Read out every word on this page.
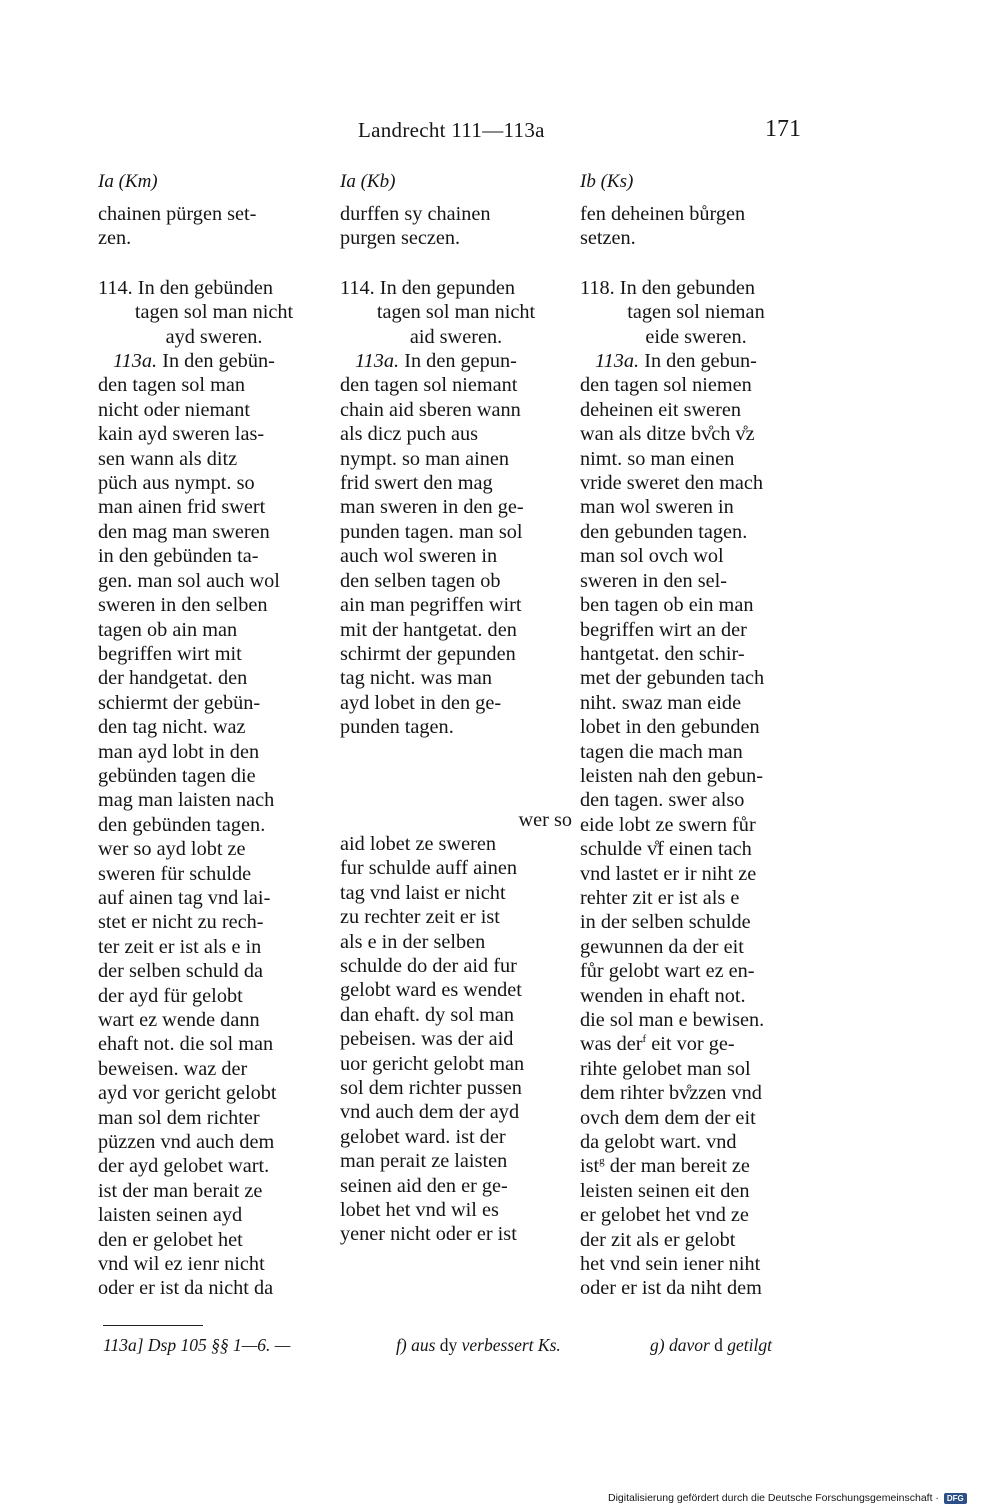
Landrecht 111—113a	171
Ia (Km)
chainen pürgen set-
zen.
114. In den gebünden
tagen sol man nicht
ayd sweren.
113a. In den gebün-
den tagen sol man
nicht oder niemant
kain ayd sweren las-
sen wann als ditz
püch aus nympt. so
man ainen frid swert
den mag man sweren
in den gebünden ta-
gen. man sol auch wol
sweren in den selben
tagen ob ain man
begriffen wirt mit
der handgetat. den
schiermt der gebün-
den tag nicht. waz
man ayd lobt in den
gebünden tagen die
mag man laisten nach
den gebünden tagen.
wer so ayd lobt ze
sweren für schulde
auf ainen tag vnd lai-
stet er nicht zu rech-
ter zeit er ist als e in
der selben schuld da
der ayd für gelobt
wart ez wende dann
ehaft not. die sol man
beweisen. waz der
ayd vor gericht gelobt
man sol dem richter
püzzen vnd auch dem
der ayd gelobet wart.
ist der man berait ze
laisten seinen ayd
den er gelobet het
vnd wil ez ienr nicht
oder er ist da nicht da
Ia (Kb)
durffen sy chainen
purgen seczen.
114. In den gepunden
tagen sol man nicht
aid sweren.
113a. In den gepun-
den tagen sol niemant
chain aid sberen wann
als dicz puch aus
nympt. so man ainen
frid swert den mag
man sweren in den ge-
punden tagen. man sol
auch wol sweren in
den selben tagen ob
ain man pegriffen wirt
mit der hantgetat. den
schirmt der gepunden
tag nicht. was man
ayd lobet in den ge-
punden tagen.
wer so
aid lobet ze sweren
fur schulde auff ainen
tag vnd laist er nicht
zu rechter zeit er ist
als e in der selben
schulde do der aid fur
gelobt ward es wendet
dan ehaft. dy sol man
pebeisen. was der aid
uor gericht gelobt man
sol dem richter pussen
vnd auch dem der ayd
gelobet ward. ist der
man perait ze laisten
seinen aid den er ge-
lobet het vnd wil es
yener nicht oder er ist
Ib (Ks)
fen deheinen bůrgen
setzen.
118. In den gebunden
tagen sol nieman
eide sweren.
113a. In den gebun-
den tagen sol niemen
deheinen eit sweren
wan als ditze bv̊ch v̊z
nimt. so man einen
vride sweret den mach
man wol sweren in
den gebunden tagen.
man sol ovch wol
sweren in den sel-
ben tagen ob ein man
begriffen wirt an der
hantgetat. den schir-
met der gebunden tach
niht. swaz man eide
lobet in den gebunden
tagen die mach man
leisten nah den gebun-
den tagen. swer also
eide lobt ze swern fůr
schulde v̊f einen tach
vnd lastet er ir niht ze
rehter zit er ist als e
in der selben schulde
gewunnen da der eit
fůr gelobt wart ez en-
wenden in ehaft not.
die sol man e bewisen.
was der$^f$ eit vor ge-
rihte gelobet man sol
dem rihter bv̊zzen vnd
ovch dem dem der eit
da gelobt wart. vnd
ist$^g$ der man bereit ze
leisten seinen eit den
er gelobet het vnd ze
der zit als er gelobt
het vnd sein iener niht
oder er ist da niht dem
113a] Dsp 105 §§ 1—6. —	f) aus dy verbessert Ks.	g) davor d getilgt
Digitalisierung gefördert durch die Deutsche Forschungsgemeinschaft · DFG
